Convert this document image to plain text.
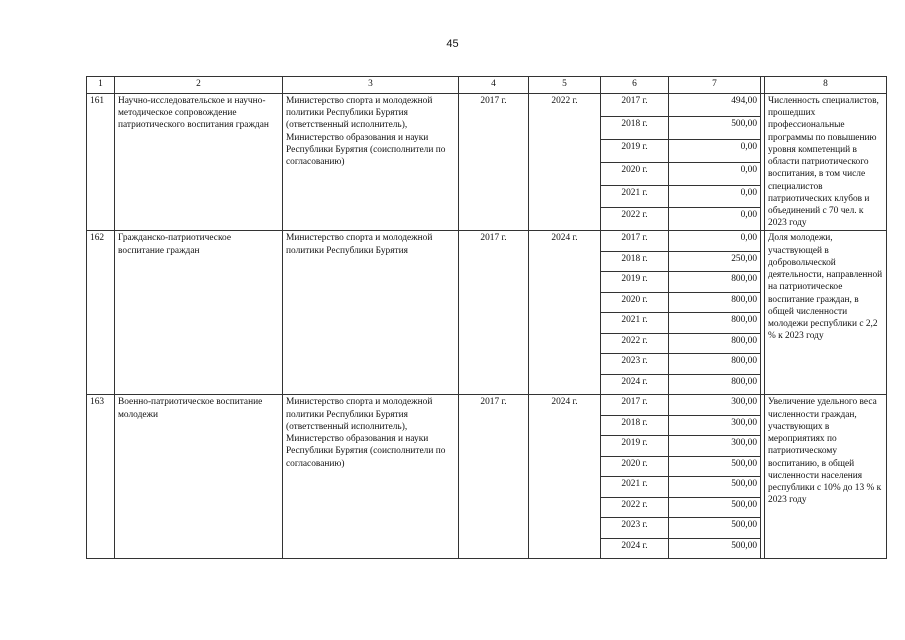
45
1	2	3	4	5	6	7		8
161	Научно-исследовательское и научно-методическое сопровождение патриотического воспитания граждан	Министерство спорта и молодежной политики Республики Бурятия (ответственный исполнитель), Министерство образования и науки Республики Бурятия (соисполнители по согласованию)	2017 г.	2022 г.	2017 г.	494,00		Численность специалистов, прошедших профессиональные программы по повышению уровня компетенций в области патриотического воспитания, в том числе специалистов патриотических клубов и объединений с 70 чел. к 2023 году
					2018 г.	500,00		
					2019 г.	0,00		
					2020 г.	0,00		
					2021 г.	0,00		
					2022 г.	0,00		
162	Гражданско-патриотическое воспитание граждан	Министерство спорта и молодежной политики Республики Бурятия	2017 г.	2024 г.	2017 г.	0,00		Доля молодежи, участвующей в добровольческой деятельности, направленной на патриотическое воспитание граждан, в общей численности молодежи республики с 2,2 % к 2023 году
					2018 г.	250,00		
					2019 г.	800,00		
					2020 г.	800,00		
					2021 г.	800,00		
					2022 г.	800,00		
					2023 г.	800,00		
					2024 г.	800,00		
163	Военно-патриотическое воспитание молодежи	Министерство спорта и молодежной политики Республики Бурятия (ответственный исполнитель), Министерство образования и науки Республики Бурятия (соисполнители по согласованию)	2017 г.	2024 г.	2017 г.	300,00		Увеличение удельного веса численности граждан, участвующих в мероприятиях по патриотическому воспитанию, в общей численности населения республики с 10% до 13 % к 2023 году
					2018 г.	300,00		
					2019 г.	300,00		
					2020 г.	500,00		
					2021 г.	500,00		
					2022 г.	500,00		
					2023 г.	500,00		
					2024 г.	500,00		
